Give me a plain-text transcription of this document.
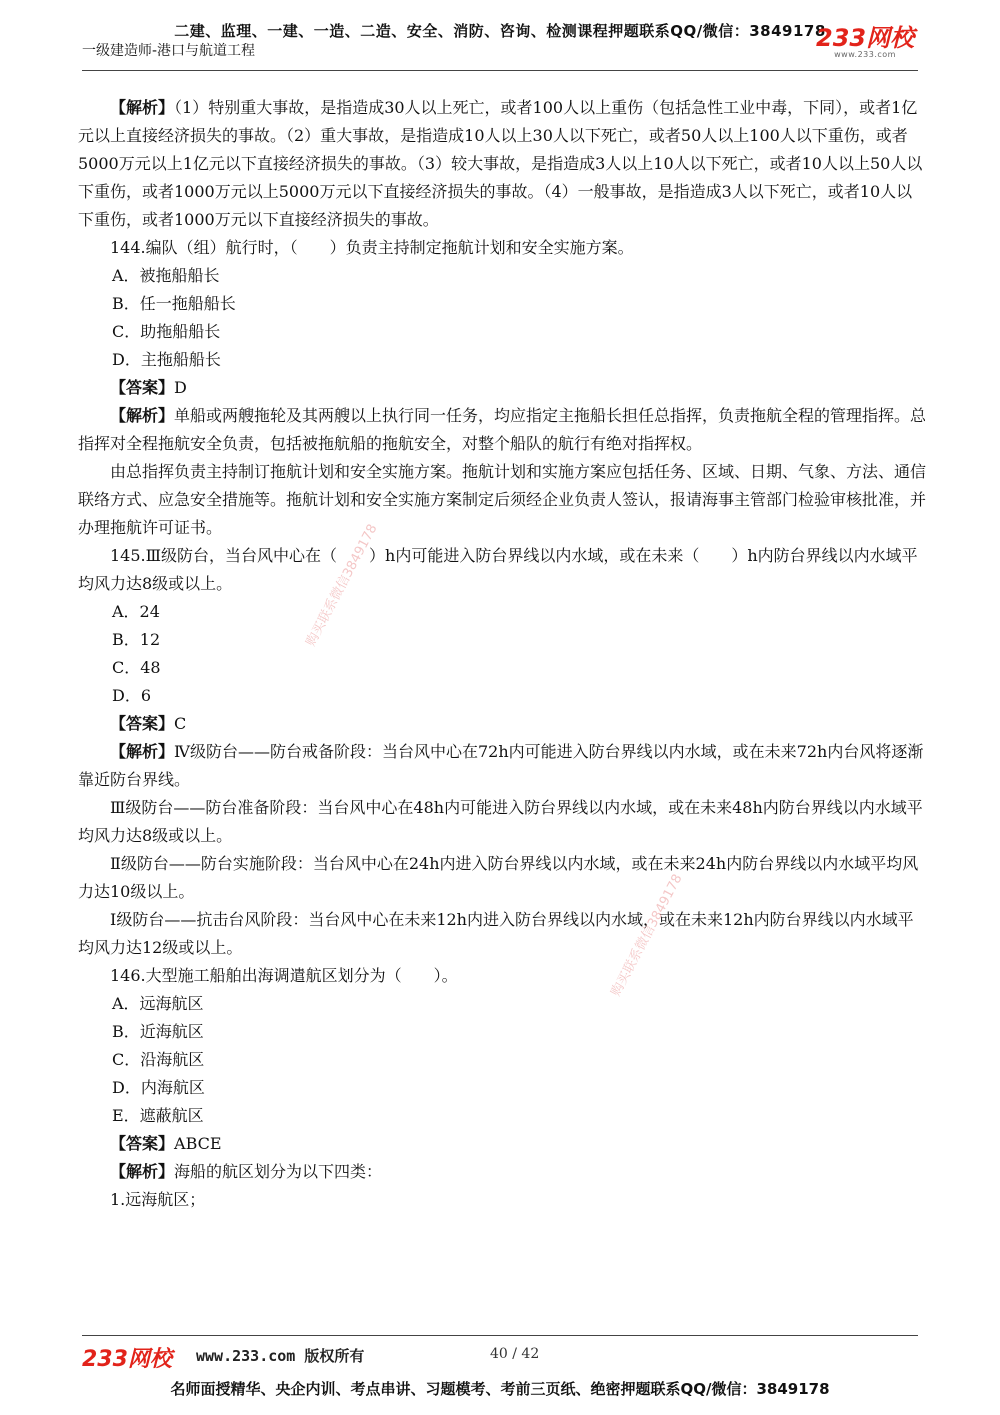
二建、监理、一建、一造、二造、安全、消防、咨询、检测课程押题联系QQ/微信：3849178
一级建造师-港口与航道工程	233网校
www.233.com

【解析】（1）特别重大事故，是指造成30人以上死亡，或者100人以上重伤（包括急性工业中毒，下同），或者1亿元以上直接经济损失的事故。（2）重大事故，是指造成10人以上30人以下死亡，或者50人以上100人以下重伤，或者5000万元以上1亿元以下直接经济损失的事故。（3）较大事故，是指造成3人以上10人以下死亡，或者10人以上50人以下重伤，或者1000万元以上5000万元以下直接经济损失的事故。（4）一般事故，是指造成3人以下死亡，或者10人以下重伤，或者1000万元以下直接经济损失的事故。

144.编队（组）航行时，（　　）负责主持制定拖航计划和安全实施方案。

A．被拖船船长

B．任一拖船船长

C．助拖船船长

D．主拖船船长

【答案】D

【解析】单船或两艘拖轮及其两艘以上执行同一任务，均应指定主拖船长担任总指挥，负责拖航全程的管理指挥。总指挥对全程拖航安全负责，包括被拖航船的拖航安全，对整个船队的航行有绝对指挥权。

由总指挥负责主持制订拖航计划和安全实施方案。拖航计划和实施方案应包括任务、区域、日期、气象、方法、通信联络方式、应急安全措施等。拖航计划和安全实施方案制定后须经企业负责人签认，报请海事主管部门检验审核批准，并办理拖航许可证书。

145.Ⅲ级防台，当台风中心在（　　）h内可能进入防台界线以内水域，或在未来（　　）h内防台界线以内水域平均风力达8级或以上。

A．24

B．12

C．48

D．6

【答案】C

【解析】Ⅳ级防台——防台戒备阶段：当台风中心在72h内可能进入防台界线以内水域，或在未来72h内台风将逐渐靠近防台界线。

Ⅲ级防台——防台准备阶段：当台风中心在48h内可能进入防台界线以内水域，或在未来48h内防台界线以内水域平均风力达8级或以上。

Ⅱ级防台——防台实施阶段：当台风中心在24h内进入防台界线以内水域，或在未来24h内防台界线以内水域平均风力达10级以上。

Ⅰ级防台——抗击台风阶段：当台风中心在未来12h内进入防台界线以内水域，或在未来12h内防台界线以内水域平均风力达12级或以上。

146.大型施工船舶出海调遣航区划分为（　　）。

A．远海航区

B．近海航区

C．沿海航区

D．内海航区

E．遮蔽航区

【答案】ABCE

【解析】海船的航区划分为以下四类：

1.远海航区；

购买联系微信3849178
购买联系微信3849178
233网校 www.233.com 版权所有	40 / 42
名师面授精华、央企内训、考点串讲、习题模考、考前三页纸、绝密押题联系QQ/微信：3849178
